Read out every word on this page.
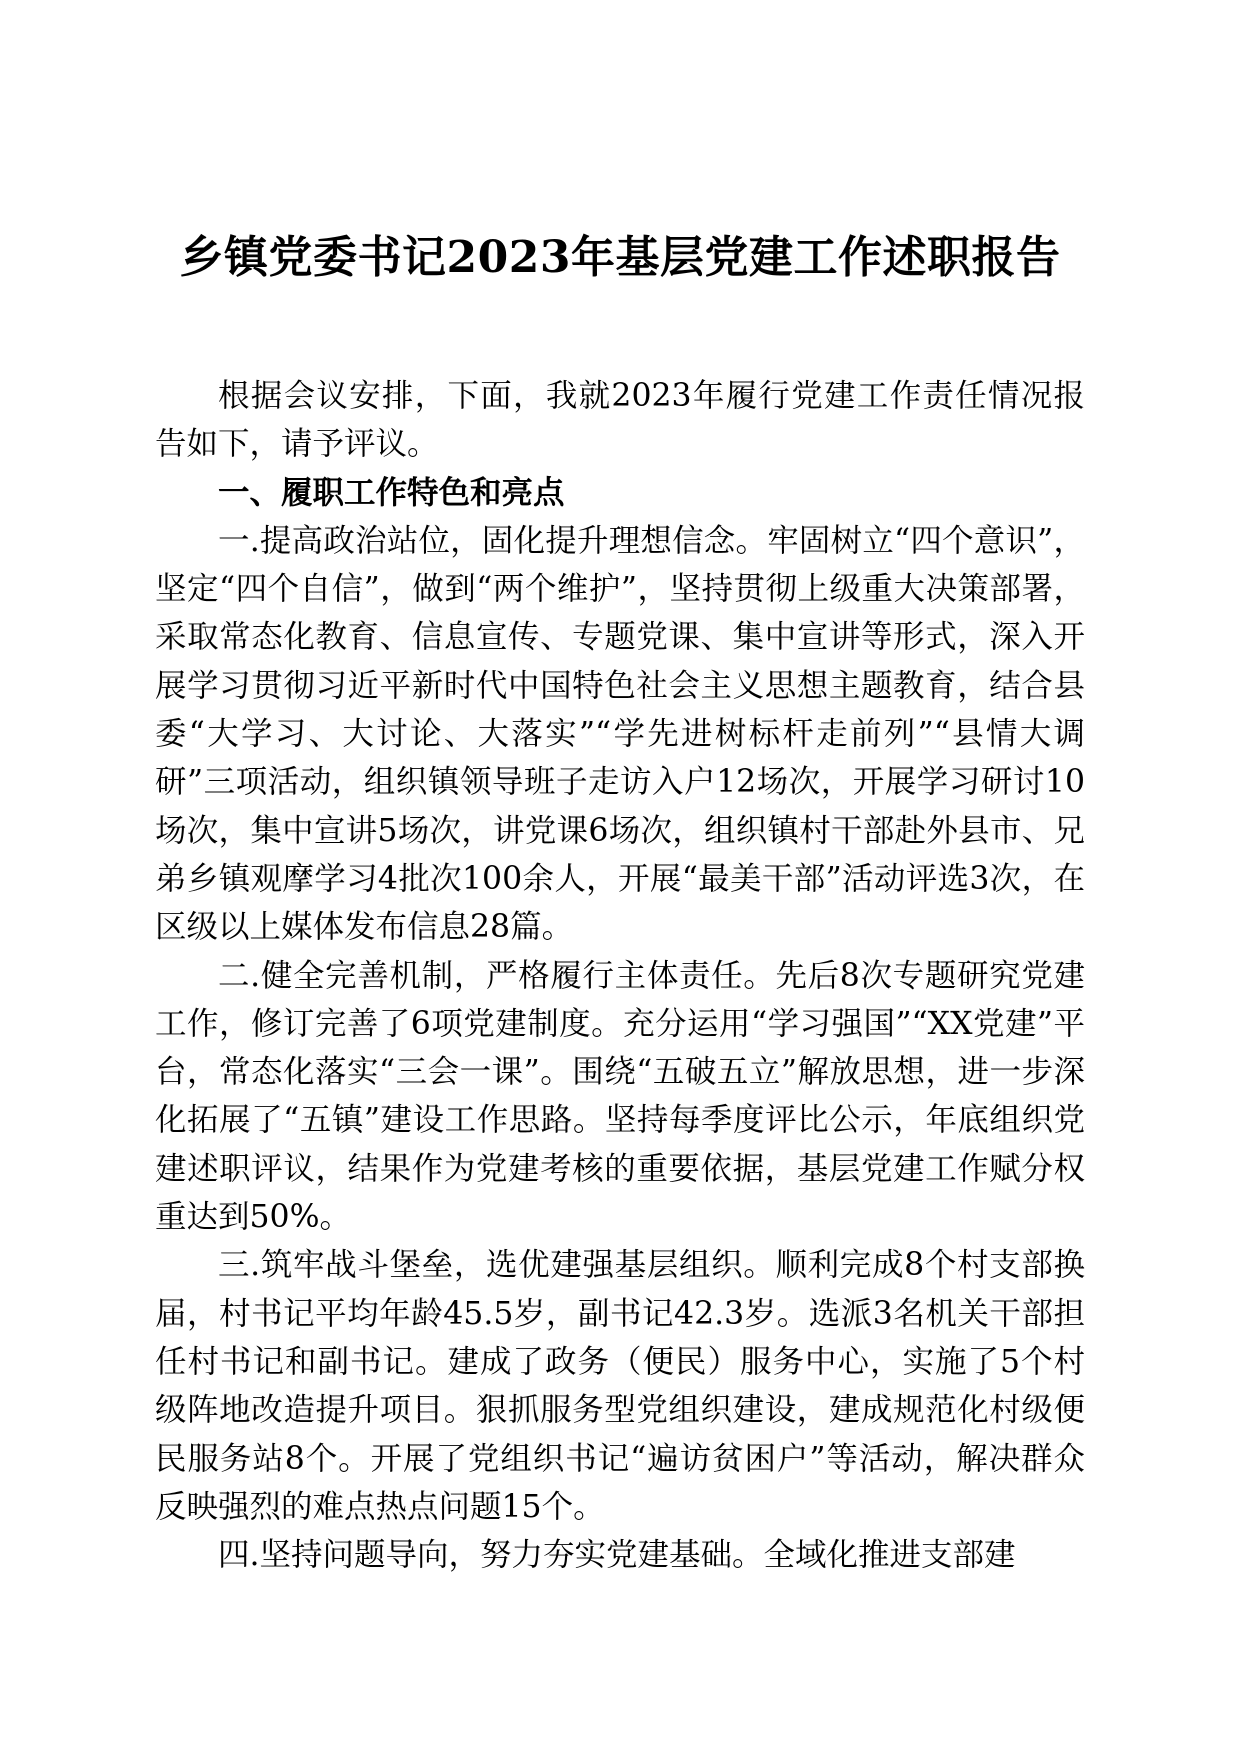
乡镇党委书记2023年基层党建工作述职报告

根据会议安排，下面，我就2023年履行党建工作责任情况报告如下，请予评议。

一、履职工作特色和亮点

一.提高政治站位，固化提升理想信念。牢固树立“四个意识”，坚定“四个自信”，做到“两个维护”，坚持贯彻上级重大决策部署，采取常态化教育、信息宣传、专题党课、集中宣讲等形式，深入开展学习贯彻习近平新时代中国特色社会主义思想主题教育，结合县委“大学习、大讨论、大落实”“学先进树标杆走前列”“县情大调研”三项活动，组织镇领导班子走访入户12场次，开展学习研讨10场次，集中宣讲5场次，讲党课6场次，组织镇村干部赴外县市、兄弟乡镇观摩学习4批次100余人，开展“最美干部”活动评选3次，在区级以上媒体发布信息28篇。

二.健全完善机制，严格履行主体责任。先后8次专题研究党建工作，修订完善了6项党建制度。充分运用“学习强国”“XX党建”平台，常态化落实“三会一课”。围绕“五破五立”解放思想，进一步深化拓展了“五镇”建设工作思路。坚持每季度评比公示，年底组织党建述职评议，结果作为党建考核的重要依据，基层党建工作赋分权重达到50%。

三.筑牢战斗堡垒，选优建强基层组织。顺利完成8个村支部换届，村书记平均年龄45.5岁，副书记42.3岁。选派3名机关干部担任村书记和副书记。建成了政务（便民）服务中心，实施了5个村级阵地改造提升项目。狠抓服务型党组织建设，建成规范化村级便民服务站8个。开展了党组织书记“遍访贫困户”等活动，解决群众反映强烈的难点热点问题15个。

四.坚持问题导向，努力夯实党建基础。全域化推进支部建
